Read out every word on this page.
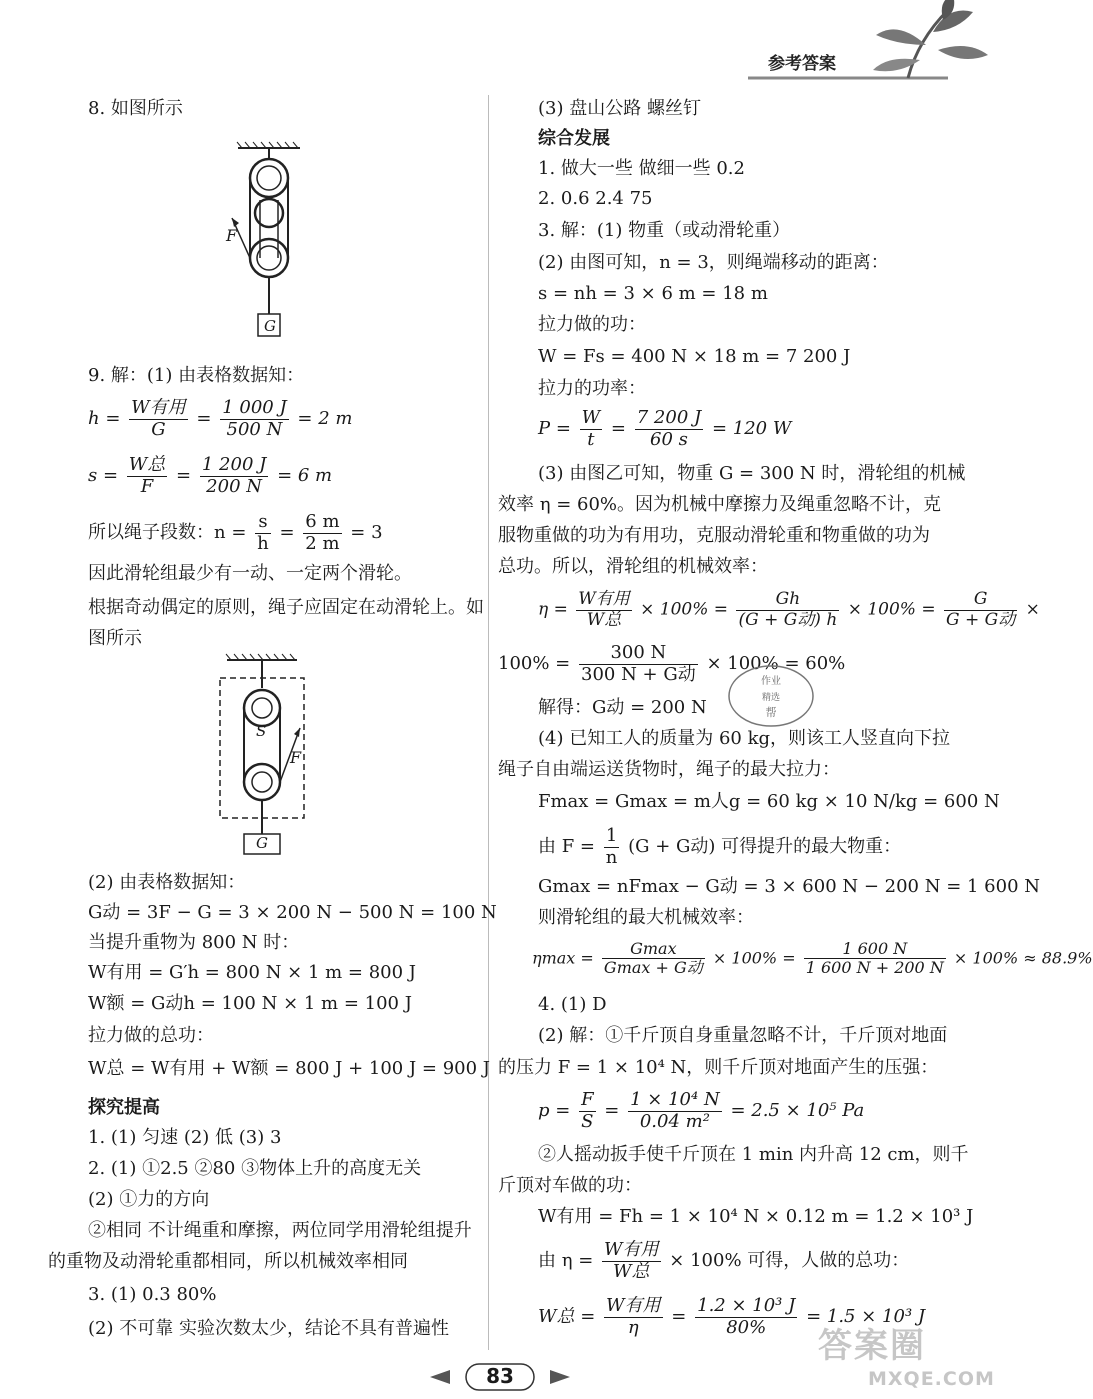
参考答案
8. 如图所示
F
G
9. 解：(1) 由表格数据知：
$h = \frac{\text{W有用}}{G} = \frac{1 000 J}{500 N} = 2$ m
$s = \frac{\text{W总}}{F} = \frac{1 200 J}{200 N} = 6$ m
所以绳子段数：$n = \frac{s}{h} = \frac{6 m}{2 m} = 3$
因此滑轮组最少有一动、一定两个滑轮。
根据奇动偶定的原则，绳子应固定在动滑轮上。如
图所示
S
F
G
(2) 由表格数据知：
G动 = 3F − G = 3 × 200 N − 500 N = 100 N
当提升重物为 800 N 时：
W有用 = G′h = 800 N × 1 m = 800 J
W额 = G动h = 100 N × 1 m = 100 J
拉力做的总功：
W总 = W有用 + W额 = 800 J + 100 J = 900 J
探究提高
1. (1) 匀速 (2) 低 (3) 3
2. (1) ①2.5 ②80 ③物体上升的高度无关
(2) ①力的方向
②相同 不计绳重和摩擦，两位同学用滑轮组提升
的重物及动滑轮重都相同，所以机械效率相同
3. (1) 0.3 80%
(2) 不可靠 实验次数太少，结论不具有普遍性
(3) 盘山公路 螺丝钉
综合发展
1. 做大一些 做细一些 0.2
2. 0.6 2.4 75
3. 解：(1) 物重（或动滑轮重）
(2) 由图可知，n = 3，则绳端移动的距离：
s = nh = 3 × 6 m = 18 m
拉力做的功：
W = Fs = 400 N × 18 m = 7 200 J
拉力的功率：
$P = \frac{W}{t} = \frac{7 200 J}{60 s} = 120$ W
(3) 由图乙可知，物重 G = 300 N 时，滑轮组的机械
效率 η = 60%。因为机械中摩擦力及绳重忽略不计，克
服物重做的功为有用功，克服动滑轮重和物重做的功为
总功。所以，滑轮组的机械效率：
$\eta = \frac{\text{W有用}}{\text{W总}} \times 100\% = \frac{Gh}{\text{(G + G动) h}} \times 100\% = \frac{G}{\text{G + G动}}$ ×
$100\% = \frac{300 N}{\text{300 N + G动}} \times 100\% = 60\%$
解得：G动 = 200 N
作业
精选
帮
(4) 已知工人的质量为 60 kg，则该工人竖直向下拉
绳子自由端运送货物时，绳子的最大拉力：
Fmax = Gmax = m人g = 60 kg × 10 N/kg = 600 N
由 $F = \frac{1}{n} (G + G$动) 可得提升的最大物重：
Gmax = nFmax − G动 = 3 × 600 N − 200 N = 1 600 N
则滑轮组的最大机械效率：
$\eta\max = \frac{Gmax}{\text{Gmax + G动}} \times 100\% = \frac{1 600 N}{1 600 N + 200 N} \times 100\% \approx 88.9\%$
4. (1) D
(2) 解：①千斤顶自身重量忽略不计，千斤顶对地面
的压力 F = 1 × 10⁴ N，则千斤顶对地面产生的压强：
$p = \frac{F}{S} = \frac{\text{1 × 10⁴ N}}{\text{0.04 m²}} = 2.5 \times 10^5$ Pa
②人摇动扳手使千斤顶在 1 min 内升高 12 cm，则千
斤顶对车做的功：
W有用 = Fh = 1 × 10⁴ N × 0.12 m = 1.2 × 10³ J
由 $\eta = \frac{\text{W有用}}{\text{W总}} \times 100\%$ 可得，人做的总功：
W总 = $\frac{\text{W有用}}{\eta} = \frac{\text{1.2 × 10³ J}}{80\%} = 1.5 \times 10^3$ J
83
答案圈
MXQE.COM
